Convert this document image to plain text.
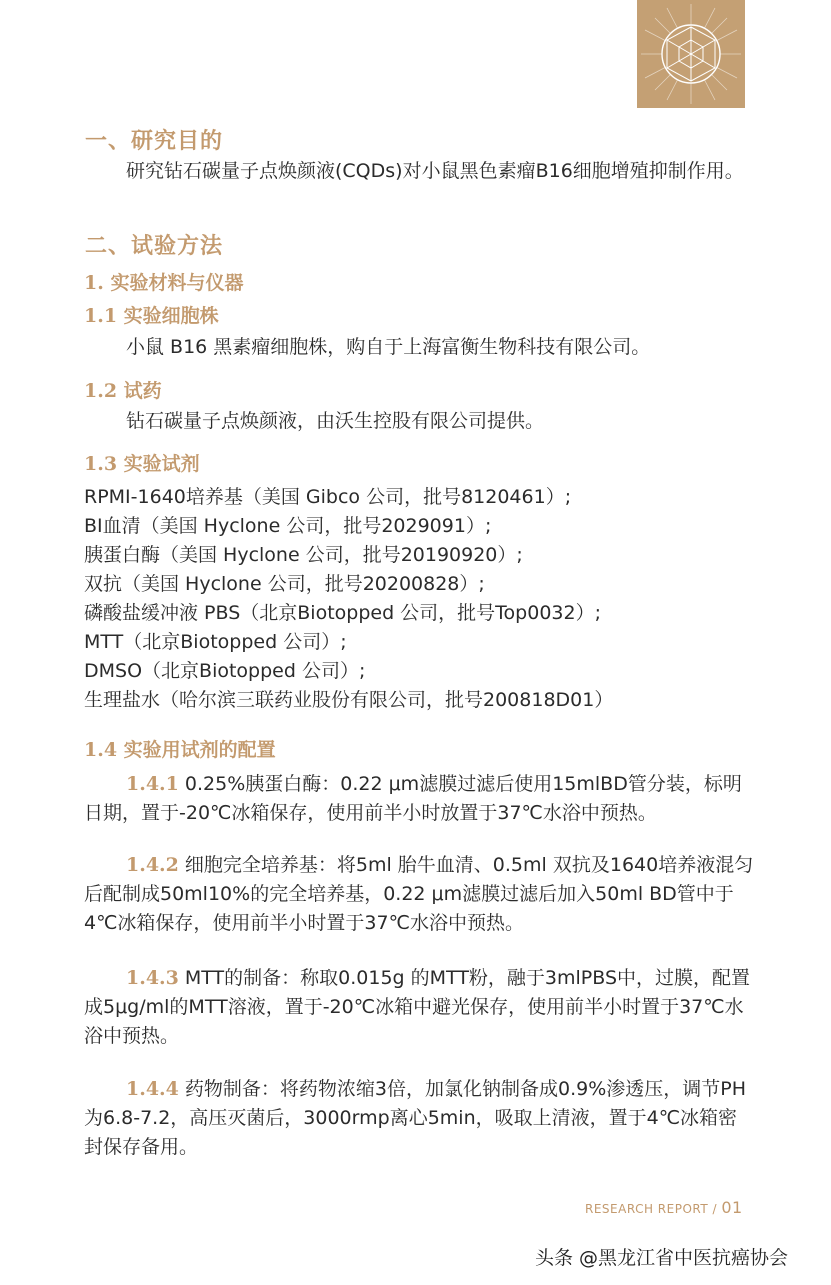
一、研究目的
研究钻石碳量子点焕颜液(CQDs)对小鼠黑色素瘤B16细胞增殖抑制作用。
二、试验方法
1. 实验材料与仪器
1.1 实验细胞株
小鼠 B16 黑素瘤细胞株，购自于上海富衡生物科技有限公司。
1.2 试药
钻石碳量子点焕颜液，由沃生控股有限公司提供。
1.3 实验试剂
RPMI-1640培养基（美国 Gibco 公司，批号8120461）;
BI血清（美国 Hyclone 公司，批号2029091）;
胰蛋白酶（美国 Hyclone 公司，批号20190920）;
双抗（美国 Hyclone 公司，批号20200828）;
磷酸盐缓冲液 PBS（北京Biotopped 公司，批号Top0032）;
MTT（北京Biotopped 公司）;
DMSO（北京Biotopped 公司）;
生理盐水（哈尔滨三联药业股份有限公司，批号200818D01）
1.4 实验用试剂的配置
1.4.1 0.25%胰蛋白酶：0.22 μm滤膜过滤后使用15mlBD管分装，标明日期，置于-20℃冰箱保存，使用前半小时放置于37℃水浴中预热。
1.4.2 细胞完全培养基：将5ml 胎牛血清、0.5ml 双抗及1640培养液混匀后配制成50ml10%的完全培养基，0.22 μm滤膜过滤后加入50ml BD管中于4℃冰箱保存，使用前半小时置于37℃水浴中预热。
1.4.3 MTT的制备：称取0.015g 的MTT粉，融于3mlPBS中，过膜，配置成5μg/ml的MTT溶液，置于-20℃冰箱中避光保存，使用前半小时置于37℃水浴中预热。
1.4.4 药物制备：将药物浓缩3倍，加氯化钠制备成0.9%渗透压，调节PH为6.8-7.2，高压灭菌后，3000rmp离心5min，吸取上清液，置于4℃冰箱密封保存备用。
RESEARCH REPORT / 01
头条 @黑龙江省中医抗癌协会
